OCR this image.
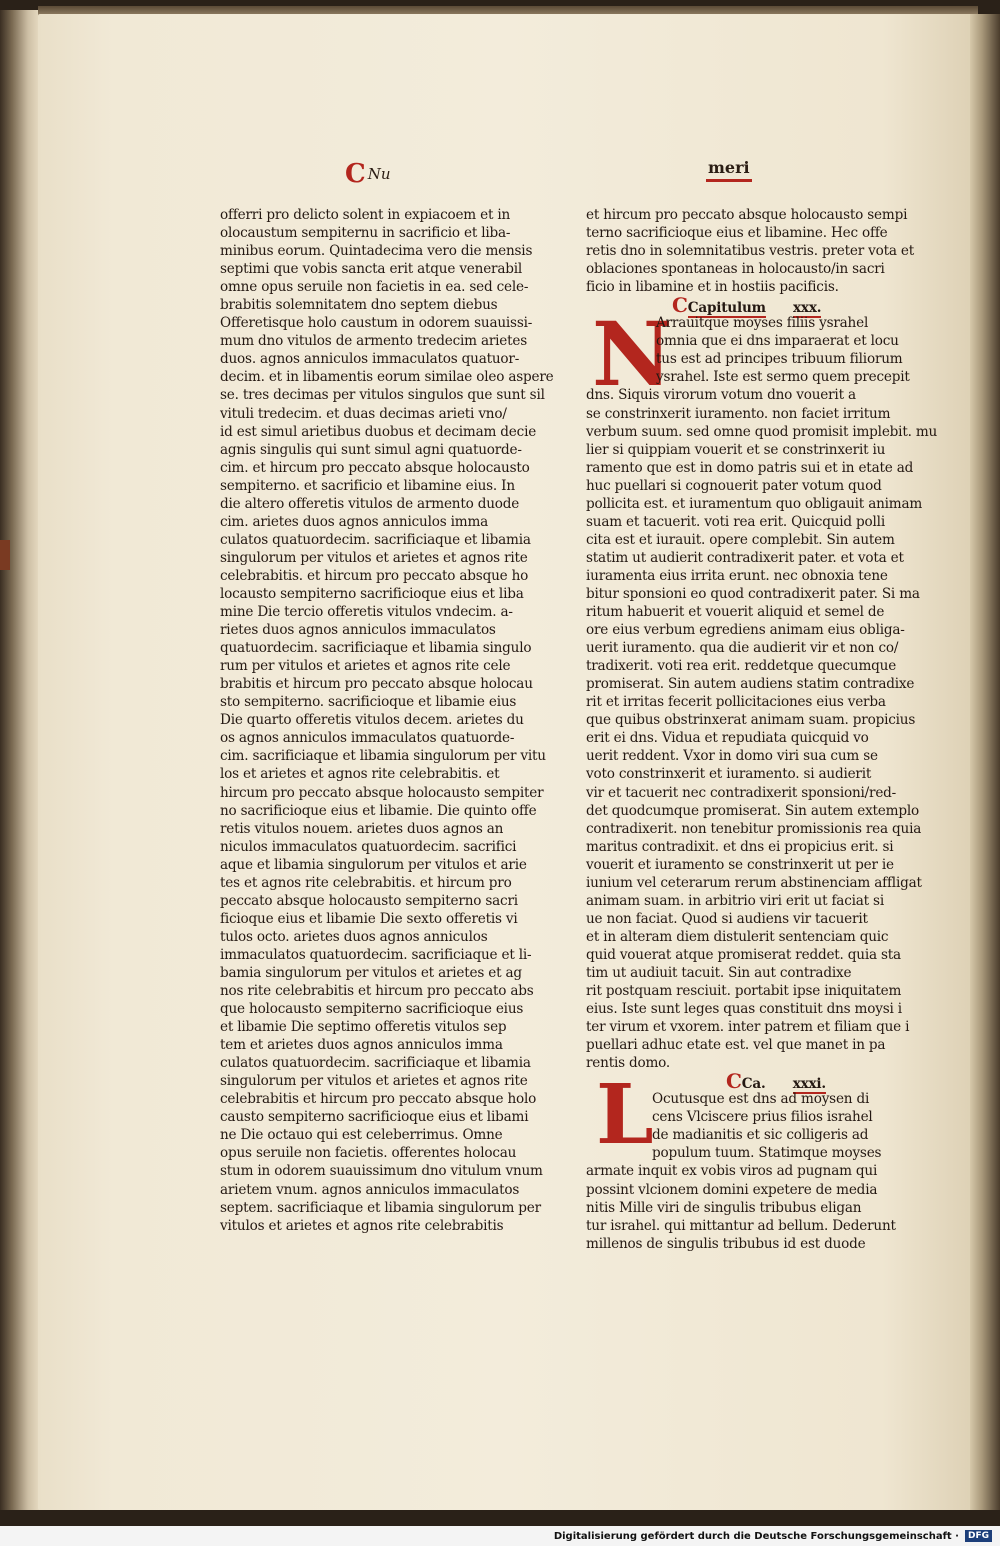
C Nu	meri
offerri pro delicto solent in expiacoem et in
olocaustum sempiternu in sacrificio et liba-
minibus eorum. Quintadecima vero die mensis
septimi que vobis sancta erit atque venerabil
omne opus seruile non facietis in ea. sed cele-
brabitis solemnitatem dno septem diebus
Offeretisque holo caustum in odorem suauissi-
mum dno vitulos de armento tredecim arietes
duos. agnos anniculos immaculatos quatuor-
decim. et in libamentis eorum similae oleo aspere
se. tres decimas per vitulos singulos que sunt sil
vituli tredecim. et duas decimas arieti vno/
id est simul arietibus duobus et decimam decie
agnis singulis qui sunt simul agni quatuorde-
cim. et hircum pro peccato absque holocausto
sempiterno. et sacrificio et libamine eius. In
die altero offeretis vitulos de armento duode
cim. arietes duos agnos anniculos imma
culatos quatuordecim. sacrificiaque et libamia
singulorum per vitulos et arietes et agnos rite
celebrabitis. et hircum pro peccato absque ho
locausto sempiterno sacrificioque eius et liba
mine Die tercio offeretis vitulos vndecim. a-
rietes duos agnos anniculos immaculatos
quatuordecim. sacrificiaque et libamia singulo
rum per vitulos et arietes et agnos rite cele
brabitis et hircum pro peccato absque holocau
sto sempiterno. sacrificioque et libamie eius
Die quarto offeretis vitulos decem. arietes du
os agnos anniculos immaculatos quatuorde-
cim. sacrificiaque et libamia singulorum per vitu
los et arietes et agnos rite celebrabitis. et
hircum pro peccato absque holocausto sempiter
no sacrificioque eius et libamie. Die quinto offe
retis vitulos nouem. arietes duos agnos an
niculos immaculatos quatuordecim. sacrifici
aque et libamia singulorum per vitulos et arie
tes et agnos rite celebrabitis. et hircum pro
peccato absque holocausto sempiterno sacri
ficioque eius et libamie Die sexto offeretis vi
tulos octo. arietes duos agnos anniculos
immaculatos quatuordecim. sacrificiaque et li-
bamia singulorum per vitulos et arietes et ag
nos rite celebrabitis et hircum pro peccato abs
que holocausto sempiterno sacrificioque eius
et libamie Die septimo offeretis vitulos sep
tem et arietes duos agnos anniculos imma
culatos quatuordecim. sacrificiaque et libamia
singulorum per vitulos et arietes et agnos rite
celebrabitis et hircum pro peccato absque holo
causto sempiterno sacrificioque eius et libami
ne Die octauo qui est celeberrimus. Omne
opus seruile non facietis. offerentes holocau
stum in odorem suauissimum dno vitulum vnum
arietem vnum. agnos anniculos immaculatos
septem. sacrificiaque et libamia singulorum per
vitulos et arietes et agnos rite celebrabitis
N
L
et hircum pro peccato absque holocausto sempi
terno sacrificioque eius et libamine. Hec offe
retis dno in solemnitatibus vestris. preter vota et
oblaciones spontaneas in holocausto/in sacri
ficio in libamine et in hostiis pacificis.
CCapitulum xxx.
Arrauitque moyses filiis ysrahel
omnia que ei dns imparaerat et locu
tus est ad principes tribuum filiorum
ysrahel. Iste est sermo quem precepit
dns. Siquis virorum votum dno vouerit a
se constrinxerit iuramento. non faciet irritum
verbum suum. sed omne quod promisit implebit. mu
lier si quippiam vouerit et se constrinxerit iu
ramento que est in domo patris sui et in etate ad
huc puellari si cognouerit pater votum quod
pollicita est. et iuramentum quo obligauit animam
suam et tacuerit. voti rea erit. Quicquid polli
cita est et iurauit. opere complebit. Sin autem
statim ut audierit contradixerit pater. et vota et
iuramenta eius irrita erunt. nec obnoxia tene
bitur sponsioni eo quod contradixerit pater. Si ma
ritum habuerit et vouerit aliquid et semel de
ore eius verbum egrediens animam eius obliga-
uerit iuramento. qua die audierit vir et non co/
tradixerit. voti rea erit. reddetque quecumque
promiserat. Sin autem audiens statim contradixe
rit et irritas fecerit pollicitaciones eius verba
que quibus obstrinxerat animam suam. propicius
erit ei dns. Vidua et repudiata quicquid vo
uerit reddent. Vxor in domo viri sua cum se
voto constrinxerit et iuramento. si audierit
vir et tacuerit nec contradixerit sponsioni/red-
det quodcumque promiserat. Sin autem extemplo
contradixerit. non tenebitur promissionis rea quia
maritus contradixit. et dns ei propicius erit. si
vouerit et iuramento se constrinxerit ut per ie
iunium vel ceterarum rerum abstinenciam affligat
animam suam. in arbitrio viri erit ut faciat si
ue non faciat. Quod si audiens vir tacuerit
et in alteram diem distulerit sentenciam quic
quid vouerat atque promiserat reddet. quia sta
tim ut audiuit tacuit. Sin aut contradixe
rit postquam resciuit. portabit ipse iniquitatem
eius. Iste sunt leges quas constituit dns moysi i
ter virum et vxorem. inter patrem et filiam que i
puellari adhuc etate est. vel que manet in pa
rentis domo.
CCa. xxxi.
Ocutusque est dns ad moysen di
cens Vlciscere prius filios israhel
de madianitis et sic colligeris ad
populum tuum. Statimque moyses
armate inquit ex vobis viros ad pugnam qui
possint vlcionem domini expetere de media
nitis Mille viri de singulis tribubus eligan
tur israhel. qui mittantur ad bellum. Dederunt
millenos de singulis tribubus id est duode
Digitalisierung gefördert durch die Deutsche Forschungsgemeinschaft ·	DFG
